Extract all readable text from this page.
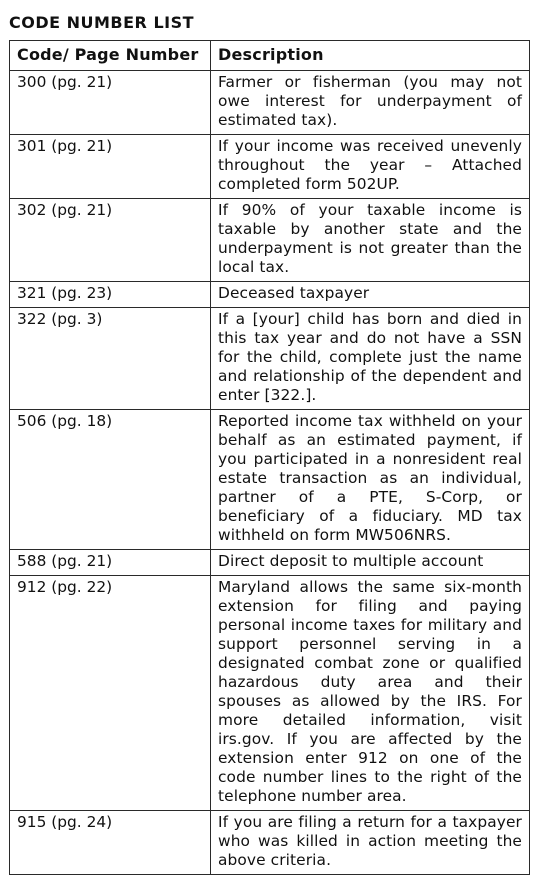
CODE NUMBER LIST
Code/ Page Number	Description
300 (pg. 21)	Farmer or fisherman (you may not owe interest for underpayment of estimated tax).
301 (pg. 21)	If your income was received unevenly throughout the year – Attached completed form 502UP.
302 (pg. 21)	If 90% of your taxable income is taxable by another state and the underpayment is not greater than the local tax.
321 (pg. 23)	Deceased taxpayer
322 (pg. 3)	If a [your] child has born and died in this tax year and do not have a SSN for the child, complete just the name and relationship of the dependent and enter [322.].
506 (pg. 18)	Reported income tax withheld on your behalf as an estimated payment, if you participated in a nonresident real estate transaction as an individual, partner of a PTE, S-Corp, or beneficiary of a fiduciary. MD tax withheld on form MW506NRS.
588 (pg. 21)	Direct deposit to multiple account
912 (pg. 22)	Maryland allows the same six-month extension for filing and paying personal income taxes for military and support personnel serving in a designated combat zone or qualified hazardous duty area and their spouses as allowed by the IRS. For more detailed information, visit irs.gov. If you are affected by the extension enter 912 on one of the code number lines to the right of the telephone number area.
915 (pg. 24)	If you are filing a return for a taxpayer who was killed in action meeting the above criteria.
